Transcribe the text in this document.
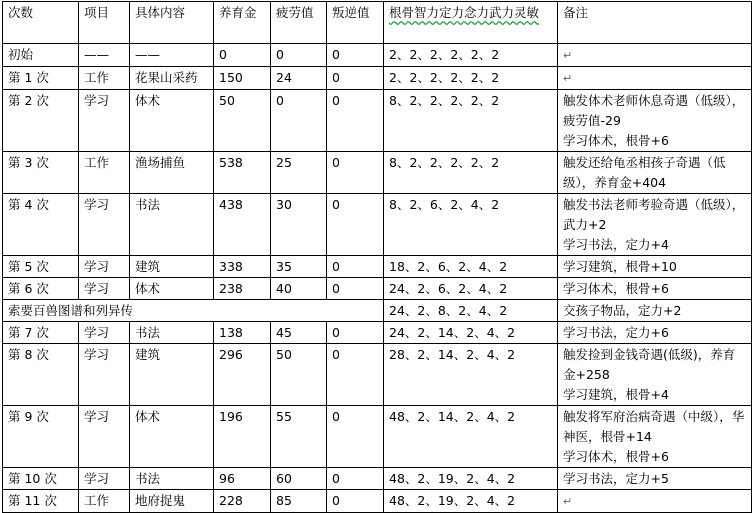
次数	项目	具体内容	养育金	疲劳值	叛逆值	根骨智力定力念力武力灵敏	备注
初始	——	——	0	0	0	2、2、2、2、2、2	↵
第 1 次	工作	花果山采药	150	24	0	2、2、2、2、2、2	↵
第 2 次	学习	体术	50	0	0	8、2、2、2、2、2	触发体术老师休息奇遇（低级），疲劳值-29
学习体术，根骨+6

第 3 次	工作	渔场捕鱼	538	25	0	8、2、2、2、2、2	触发还给龟丞相孩子奇遇（低级），养育金+404

第 4 次	学习	书法	438	30	0	8、2、6、2、4、2	触发书法老师考验奇遇（低级），武力+2
学习书法，定力+4

第 5 次	学习	建筑	338	35	0	18、2、6、2、4、2	学习建筑，根骨+10

第 6 次	学习	体术	238	40	0	24、2、6、2、4、2	学习体术，根骨+6

索要百兽图谱和列异传						24、2、8、2、4、2	交孩子物品，定力+2

第 7 次	学习	书法	138	45	0	24、2、14、2、4、2	学习书法，定力+6

第 8 次	学习	建筑	296	50	0	28、2、14、2、4、2	触发捡到金钱奇遇(低级)，养育金+258
学习建筑，根骨+4

第 9 次	学习	体术	196	55	0	48、2、14、2、4、2	触发将军府治病奇遇（中级），华神医，根骨+14
学习体术，根骨+6

第 10 次	学习	书法	96	60	0	48、2、19、2、4、2	学习书法，定力+5

第 11 次	工作	地府捉鬼	228	85	0	48、2、19、2、4、2	↵
